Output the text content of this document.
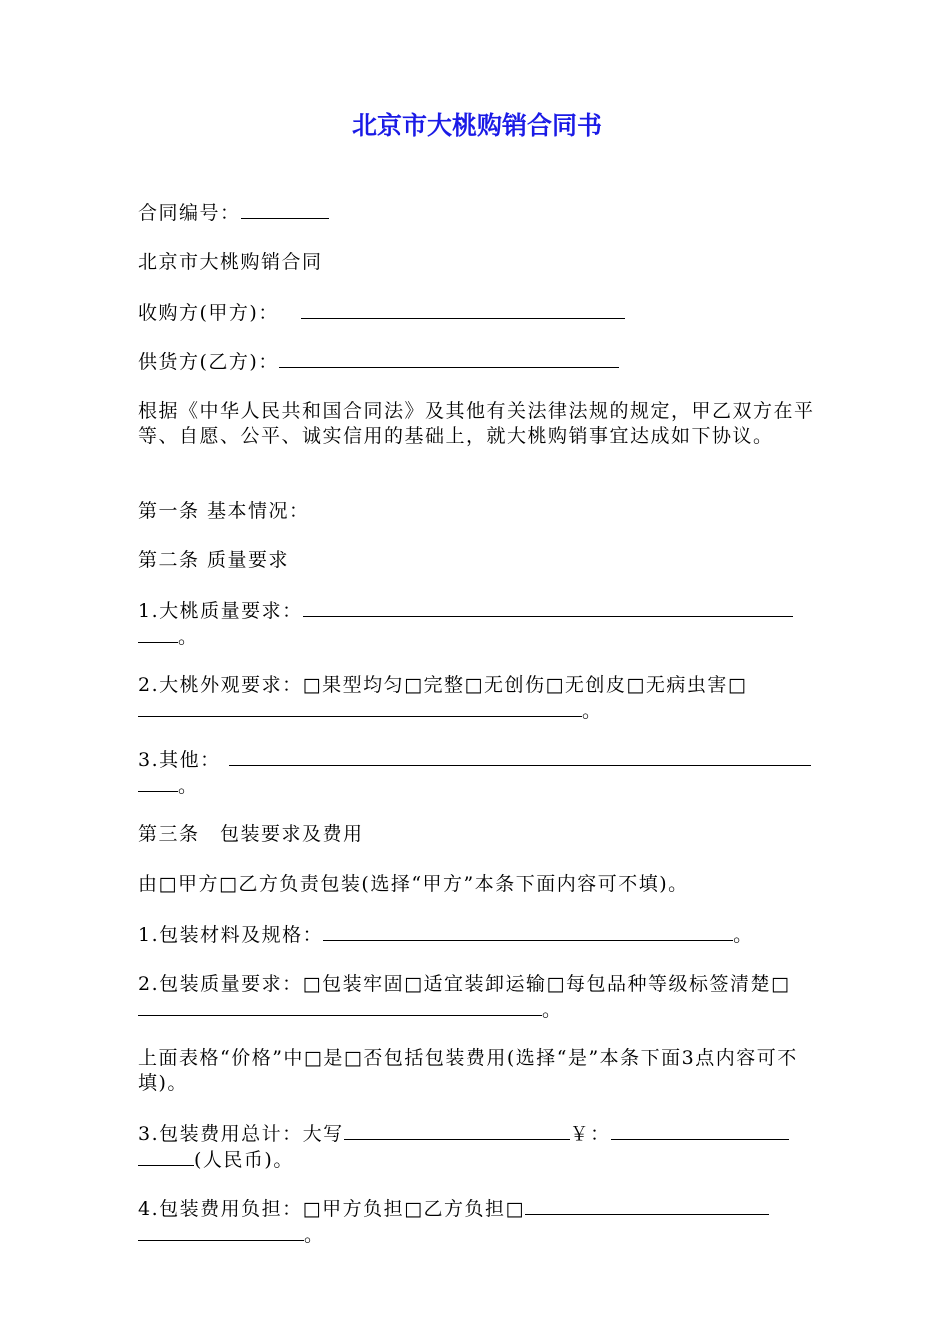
北京市大桃购销合同书
合同编号：
北京市大桃购销合同
收购方(甲方)：
供货方(乙方)：
根据《中华人民共和国合同法》及其他有关法律法规的规定，甲乙双方在平等、自愿、公平、诚实信用的基础上，就大桃购销事宜达成如下协议。
第一条 基本情况：
第二条 质量要求
1.大桃质量要求：
。
2.大桃外观要求：□果型均匀□完整□无创伤□无创皮□无病虫害□
。
3.其他：
。
第三条　包装要求及费用
由□甲方□乙方负责包装(选择“甲方”本条下面内容可不填)。
1.包装材料及规格：	。
2.包装质量要求：□包装牢固□适宜装卸运输□每包品种等级标签清楚□。
上面表格“价格”中□是□否包括包装费用(选择“是”本条下面3点内容可不填)。
3.包装费用总计：大写	￥：
(人民币)。
4.包装费用负担：□甲方负担□乙方负担□
。
